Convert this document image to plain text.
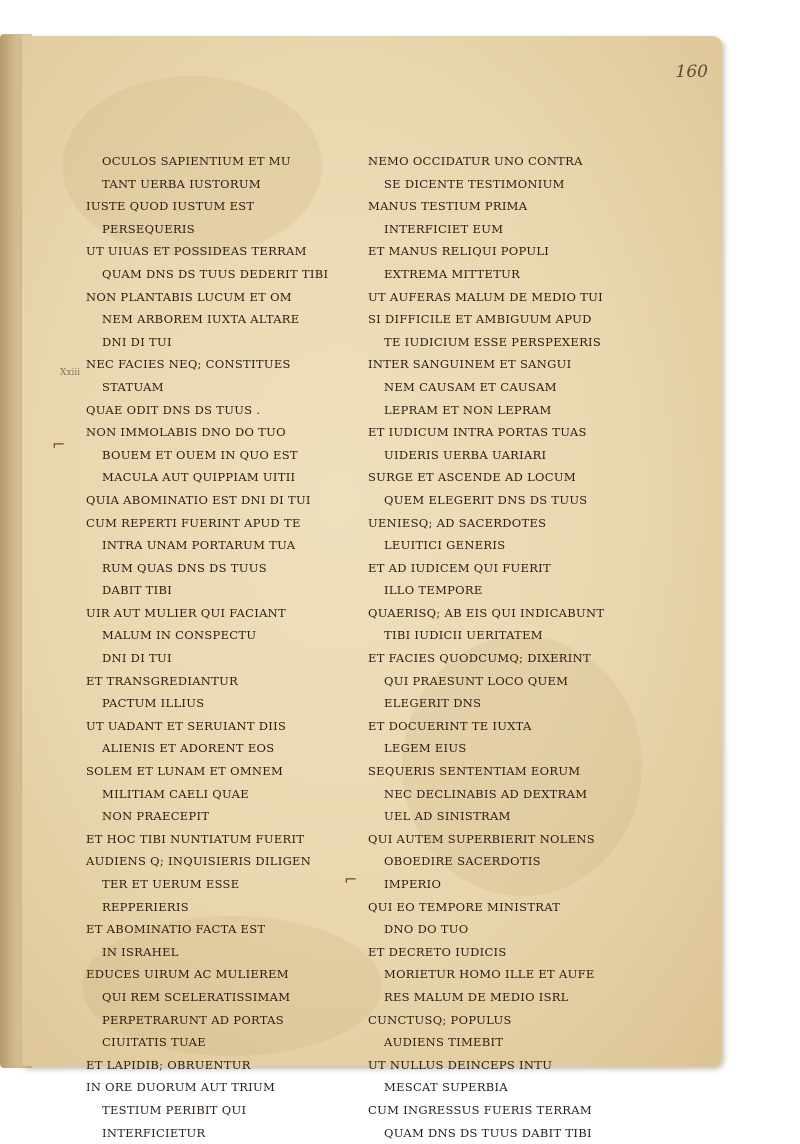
160
Xxiii
⌐
⌐
OCULOS SAPIENTIUM ET MU
TANT UERBA IUSTORUM
IUSTE QUOD IUSTUM EST
PERSEQUERIS
UT UIUAS ET POSSIDEAS TERRAM
QUAM DNS DS TUUS DEDERIT TIBI
NON PLANTABIS LUCUM ET OM
NEM ARBOREM IUXTA ALTARE
DNI DI TUI
NEC FACIES NEQ; CONSTITUES
STATUAM
QUAE ODIT DNS DS TUUS .
NON IMMOLABIS DNO DO TUO
BOUEM ET OUEM IN QUO EST
MACULA AUT QUIPPIAM UITII
QUIA ABOMINATIO EST DNI DI TUI
CUM REPERTI FUERINT APUD TE
INTRA UNAM PORTARUM TUA
RUM QUAS DNS DS TUUS
DABIT TIBI
UIR AUT MULIER QUI FACIANT
MALUM IN CONSPECTU
DNI DI TUI
ET TRANSGREDIANTUR
PACTUM ILLIUS
UT UADANT ET SERUIANT DIIS
ALIENIS ET ADORENT EOS
SOLEM ET LUNAM ET OMNEM
MILITIAM CAELI QUAE
NON PRAECEPIT
ET HOC TIBI NUNTIATUM FUERIT
AUDIENS Q; INQUISIERIS DILIGEN
TER ET UERUM ESSE
REPPERIERIS
ET ABOMINATIO FACTA EST
IN ISRAHEL
EDUCES UIRUM AC MULIEREM
QUI REM SCELERATISSIMAM
PERPETRARUNT AD PORTAS
CIUITATIS TUAE
ET LAPIDIB; OBRUENTUR
IN ORE DUORUM AUT TRIUM
TESTIUM PERIBIT QUI
INTERFICIETUR
NEMO OCCIDATUR UNO CONTRA
SE DICENTE TESTIMONIUM
MANUS TESTIUM PRIMA
INTERFICIET EUM
ET MANUS RELIQUI POPULI
EXTREMA MITTETUR
UT AUFERAS MALUM DE MEDIO TUI
SI DIFFICILE ET AMBIGUUM APUD
TE IUDICIUM ESSE PERSPEXERIS
INTER SANGUINEM ET SANGUI
NEM CAUSAM ET CAUSAM
LEPRAM ET NON LEPRAM
ET IUDICUM INTRA PORTAS TUAS
UIDERIS UERBA UARIARI
SURGE ET ASCENDE AD LOCUM
QUEM ELEGERIT DNS DS TUUS
UENIESQ; AD SACERDOTES
LEUITICI GENERIS
ET AD IUDICEM QUI FUERIT
ILLO TEMPORE
QUAERISQ; AB EIS QUI INDICABUNT
TIBI IUDICII UERITATEM
ET FACIES QUODCUMQ; DIXERINT
QUI PRAESUNT LOCO QUEM
ELEGERIT DNS
ET DOCUERINT TE IUXTA
LEGEM EIUS
SEQUERIS SENTENTIAM EORUM
NEC DECLINABIS AD DEXTRAM
UEL AD SINISTRAM
QUI AUTEM SUPERBIERIT NOLENS
OBOEDIRE SACERDOTIS
IMPERIO
QUI EO TEMPORE MINISTRAT
DNO DO TUO
ET DECRETO IUDICIS
MORIETUR HOMO ILLE ET AUFE
RES MALUM DE MEDIO ISRL
CUNCTUSQ; POPULUS
AUDIENS TIMEBIT
UT NULLUS DEINCEPS INTU
MESCAT SUPERBIA
CUM INGRESSUS FUERIS TERRAM
QUAM DNS DS TUUS DABIT TIBI
